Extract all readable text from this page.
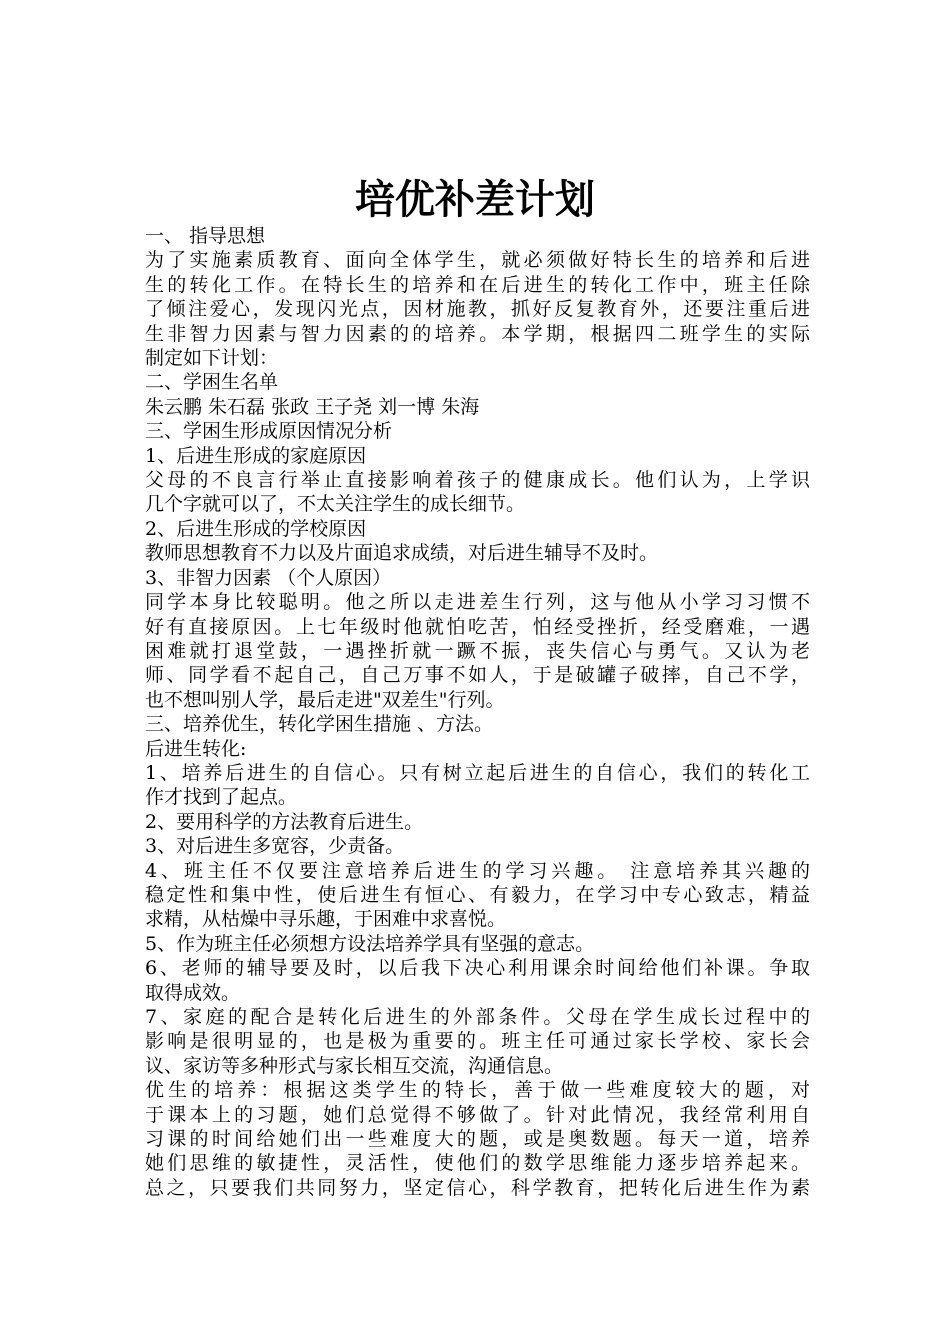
培优补差计划
一、 指导思想
为了实施素质教育、面向全体学生，就必须做好特长生的培养和后进
生的转化工作。在特长生的培养和在后进生的转化工作中，班主任除
了倾注爱心，发现闪光点，因材施教，抓好反复教育外，还要注重后进
生非智力因素与智力因素的的培养。本学期，根据四二班学生的实际
制定如下计划：
二、学困生名单
朱云鹏 朱石磊 张政 王子尧 刘一博 朱海
三、学困生形成原因情况分析
1、后进生形成的家庭原因
父母的不良言行举止直接影响着孩子的健康成长。他们认为，上学识
几个字就可以了，不太关注学生的成长细节。
2、后进生形成的学校原因
教师思想教育不力以及片面追求成绩，对后进生辅导不及时。
3、非智力因素 （个人原因）
同学本身比较聪明。他之所以走进差生行列，这与他从小学习习惯不
好有直接原因。上七年级时他就怕吃苦，怕经受挫折，经受磨难，一遇
困难就打退堂鼓，一遇挫折就一蹶不振，丧失信心与勇气。又认为老
师、同学看不起自己，自己万事不如人，于是破罐子破摔，自己不学，
也不想叫别人学，最后走进"双差生"行列。
三、培养优生，转化学困生措施 、方法。
后进生转化:
1、培养后进生的自信心。只有树立起后进生的自信心，我们的转化工
作才找到了起点。
2、要用科学的方法教育后进生。
3、对后进生多宽容，少责备。
4、班主任不仅要注意培养后进生的学习兴趣。 注意培养其兴趣的
稳定性和集中性，使后进生有恒心、有毅力，在学习中专心致志，精益
求精，从枯燥中寻乐趣，于困难中求喜悦。
5、作为班主任必须想方设法培养学具有坚强的意志。
6、老师的辅导要及时，以后我下决心利用课余时间给他们补课。争取
取得成效。
7、家庭的配合是转化后进生的外部条件。父母在学生成长过程中的
影响是很明显的，也是极为重要的。班主任可通过家长学校、家长会
议、家访等多种形式与家长相互交流，沟通信息。
优生的培养：根据这类学生的特长，善于做一些难度较大的题，对
于课本上的习题，她们总觉得不够做了。针对此情况，我经常利用自
习课的时间给她们出一些难度大的题，或是奥数题。每天一道，培养
她们思维的敏捷性，灵活性，使他们的数学思维能力逐步培养起来。
总之，只要我们共同努力，坚定信心，科学教育，把转化后进生作为素
